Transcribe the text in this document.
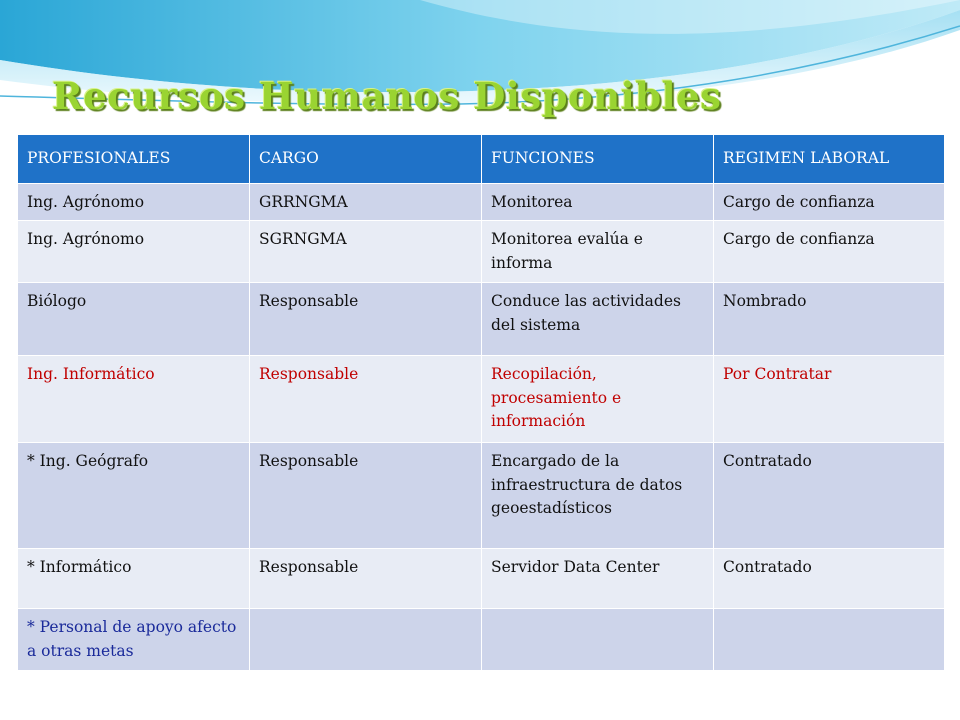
Recursos Humanos Disponibles
PROFESIONALES	CARGO	FUNCIONES	REGIMEN LABORAL
Ing. Agrónomo	GRRNGMA	Monitorea	Cargo de confianza
Ing. Agrónomo	SGRNGMA	Monitorea evalúa e informa	Cargo de confianza
Biólogo	Responsable	Conduce las actividades del sistema	Nombrado
Ing. Informático	Responsable	Recopilación, procesamiento e información	Por Contratar
* Ing. Geógrafo	Responsable	Encargado de la infraestructura de datos geoestadísticos	Contratado
* Informático	Responsable	Servidor Data Center	Contratado
* Personal de apoyo afecto a otras metas			
